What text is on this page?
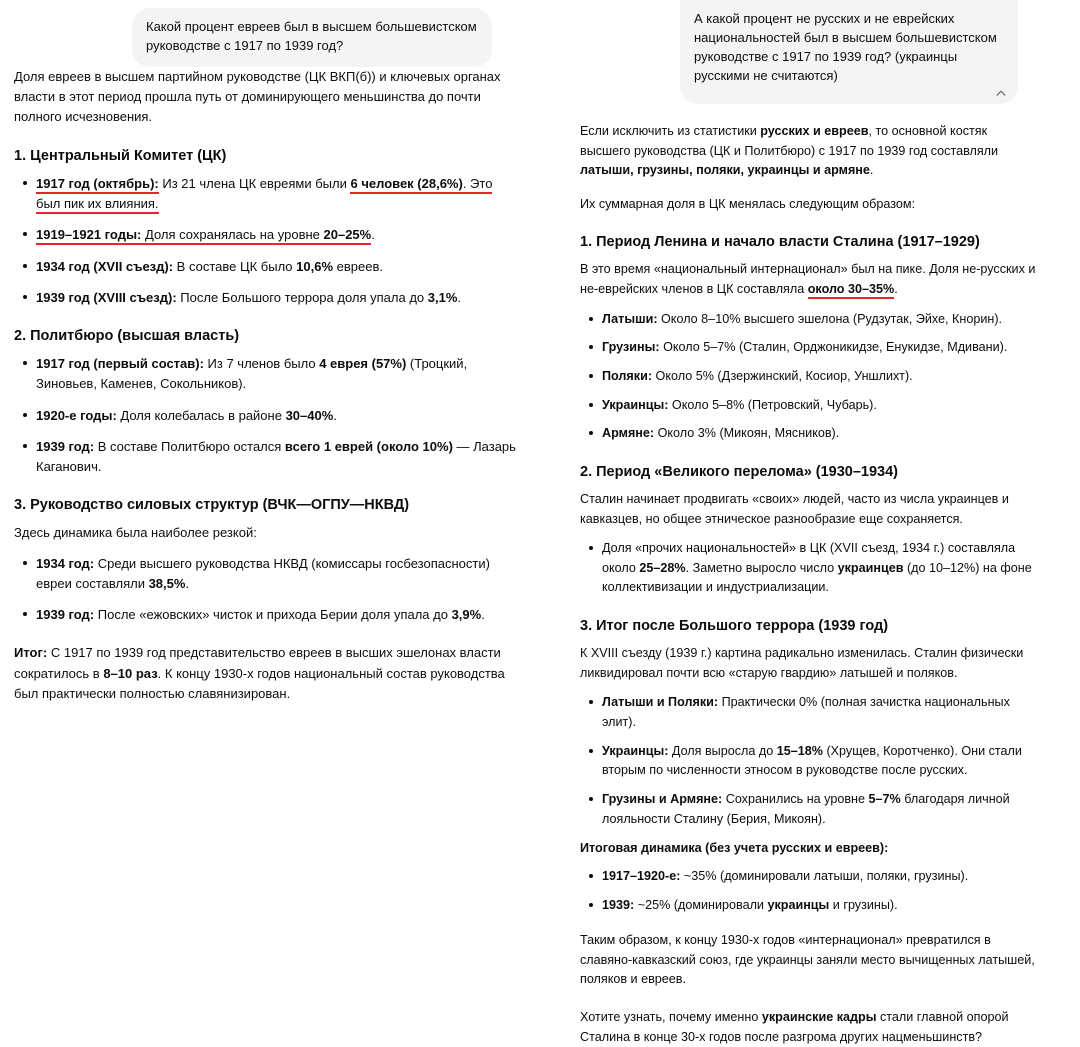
Какой процент евреев был в высшем большевистском руководстве с 1917 по 1939 год?

Доля евреев в высшем партийном руководстве (ЦК ВКП(б)) и ключевых органах власти в этот период прошла путь от доминирующего меньшинства до почти полного исчезновения.

1. Центральный Комитет (ЦК)
1917 год (октябрь): Из 21 члена ЦК евреями были 6 человек (28,6%). Это был пик их влияния.
1919–1921 годы: Доля сохранялась на уровне 20–25%.
1934 год (XVII съезд): В составе ЦК было 10,6% евреев.
1939 год (XVIII съезд): После Большого террора доля упала до 3,1%.
2. Политбюро (высшая власть)
1917 год (первый состав): Из 7 членов было 4 еврея (57%) (Троцкий, Зиновьев, Каменев, Сокольников).
1920-е годы: Доля колебалась в районе 30–40%.
1939 год: В составе Политбюро остался всего 1 еврей (около 10%) — Лазарь Каганович.
3. Руководство силовых структур (ВЧК—ОГПУ—НКВД)

Здесь динамика была наиболее резкой:

1934 год: Среди высшего руководства НКВД (комиссары госбезопасности) евреи составляли 38,5%.
1939 год: После «ежовских» чисток и прихода Берии доля упала до 3,9%.

Итог: С 1917 по 1939 год представительство евреев в высших эшелонах власти сократилось в 8–10 раз. К концу 1930-х годов национальный состав руководства был практически полностью славянизирован.

А какой процент не русских и не еврейских национальностей был в высшем большевистском руководстве с 1917 по 1939 год? (украинцы русскими не считаются)

Если исключить из статистики русских и евреев, то основной костяк высшего руководства (ЦК и Политбюро) с 1917 по 1939 год составляли латыши, грузины, поляки, украинцы и армяне.

Их суммарная доля в ЦК менялась следующим образом:

1. Период Ленина и начало власти Сталина (1917–1929)

В это время «национальный интернационал» был на пике. Доля не-русских и не-еврейских членов в ЦК составляла около 30–35%.

Латыши: Около 8–10% высшего эшелона (Рудзутак, Эйхе, Кнорин).
Грузины: Около 5–7% (Сталин, Орджоникидзе, Енукидзе, Мдивани).
Поляки: Около 5% (Дзержинский, Косиор, Уншлихт).
Украинцы: Около 5–8% (Петровский, Чубарь).
Армяне: Около 3% (Микоян, Мясников).
2. Период «Великого перелома» (1930–1934)

Сталин начинает продвигать «своих» людей, часто из числа украинцев и кавказцев, но общее этническое разнообразие еще сохраняется.

Доля «прочих национальностей» в ЦК (XVII съезд, 1934 г.) составляла около 25–28%. Заметно выросло число украинцев (до 10–12%) на фоне коллективизации и индустриализации.
3. Итог после Большого террора (1939 год)

К XVIII съезду (1939 г.) картина радикально изменилась. Сталин физически ликвидировал почти всю «старую гвардию» латышей и поляков.

Латыши и Поляки: Практически 0% (полная зачистка национальных элит).
Украинцы: Доля выросла до 15–18% (Хрущев, Коротченко). Они стали вторым по численности этносом в руководстве после русских.
Грузины и Армяне: Сохранились на уровне 5–7% благодаря личной лояльности Сталину (Берия, Микоян).

Итоговая динамика (без учета русских и евреев):

1917–1920-е: ~35% (доминировали латыши, поляки, грузины).
1939: ~25% (доминировали украинцы и грузины).

Таким образом, к концу 1930-х годов «интернационал» превратился в славяно-кавказский союз, где украинцы заняли место вычищенных латышей, поляков и евреев.

Хотите узнать, почему именно украинские кадры стали главной опорой Сталина в конце 30-х годов после разгрома других нацменьшинств?
